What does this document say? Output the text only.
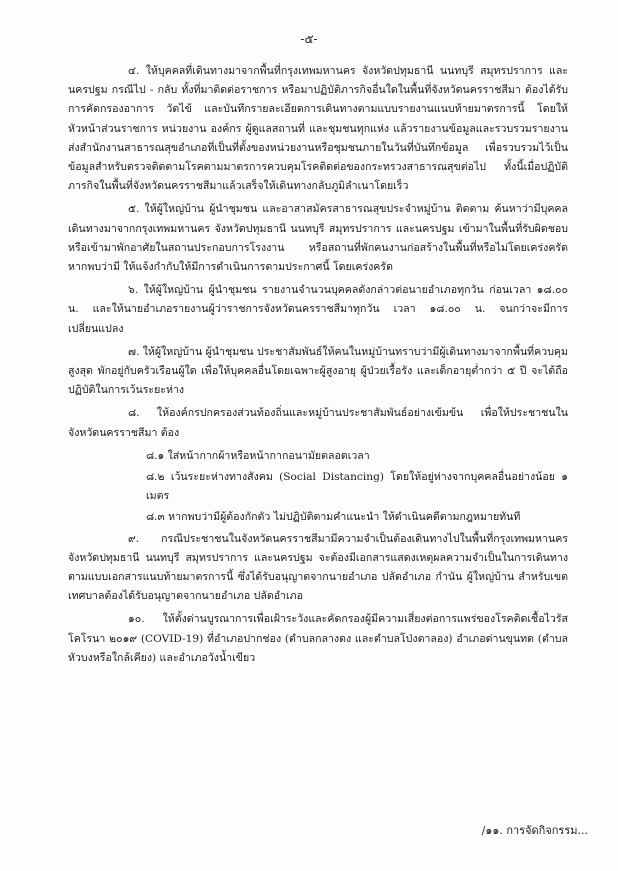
-๕-

๔. ให้บุคคลที่เดินทางมาจากพื้นที่กรุงเทพมหานคร จังหวัดปทุมธานี นนทบุรี สมุทรปราการ และนครปฐม กรณีไป - กลับ ทั้งที่มาติดต่อราชการ หรือมาปฏิบัติภารกิจอื่นใดในพื้นที่จังหวัดนครราชสีมา ต้องได้รับการคัดกรองอาการ วัดไข้ และบันทึกรายละเอียดการเดินทางตามแบบรายงานแนบท้ายมาตรการนี้ โดยให้หัวหน้าส่วนราชการ หน่วยงาน องค์กร ผู้ดูแลสถานที่ และชุมชนทุกแห่ง แล้วรายงานข้อมูลและรวบรวมรายงานส่งสำนักงานสาธารณสุขอำเภอที่เป็นที่ตั้งของหน่วยงานหรือชุมชนภายในวันที่บันทึกข้อมูล เพื่อรวบรวมไว้เป็นข้อมูลสำหรับตรวจติดตามโรคตามมาตรการควบคุมโรคติดต่อของกระทรวงสาธารณสุขต่อไป ทั้งนี้เมื่อปฏิบัติภารกิจในพื้นที่จังหวัดนครราชสีมาแล้วเสร็จให้เดินทางกลับภูมิลำเนาโดยเร็ว

๕. ให้ผู้ใหญ่บ้าน ผู้นำชุมชน และอาสาสมัครสาธารณสุขประจำหมู่บ้าน ติดตาม ค้นหาว่ามีบุคคลเดินทางมาจากกรุงเทพมหานคร จังหวัดปทุมธานี นนทบุรี สมุทรปราการ และนครปฐม เข้ามาในพื้นที่รับผิดชอบหรือเข้ามาพักอาศัยในสถานประกอบการโรงงาน หรือสถานที่พักคนงานก่อสร้างในพื้นที่หรือไม่โดยเคร่งครัด หากพบว่ามี ให้แจ้งกำกับให้มีการดำเนินการตามประกาศนี้ โดยเคร่งครัด

๖. ให้ผู้ใหญ่บ้าน ผู้นำชุมชน รายงานจำนวนบุคคลดังกล่าวต่อนายอำเภอทุกวัน ก่อนเวลา ๑๘.๐๐ น. และให้นายอำเภอรายงานผู้ว่าราชการจังหวัดนครราชสีมาทุกวัน เวลา ๑๘.๐๐ น. จนกว่าจะมีการเปลี่ยนแปลง

๗. ให้ผู้ใหญ่บ้าน ผู้นำชุมชน ประชาสัมพันธ์ให้คนในหมู่บ้านทราบว่ามีผู้เดินทางมาจากพื้นที่ควบคุมสูงสุด พักอยู่กับครัวเรือนผู้ใด เพื่อให้บุคคลอื่นโดยเฉพาะผู้สูงอายุ ผู้ป่วยเรื้อรัง และเด็กอายุต่ำกว่า ๕ ปี จะได้ถือปฏิบัติในการเว้นระยะห่าง

๘. ให้องค์กรปกครองส่วนท้องถิ่นและหมู่บ้านประชาสัมพันธ์อย่างเข้มข้น เพื่อให้ประชาชนในจังหวัดนครราชสีมา ต้อง

๘.๑ ใส่หน้ากากผ้าหรือหน้ากากอนามัยตลอดเวลา

๘.๒ เว้นระยะห่างทางสังคม (Social Distancing) โดยให้อยู่ห่างจากบุคคลอื่นอย่างน้อย ๑ เมตร

๘.๓ หากพบว่ามีผู้ต้องกักตัว ไม่ปฏิบัติตามคำแนะนำ ให้ดำเนินคดีตามกฎหมายทันที

๙. กรณีประชาชนในจังหวัดนครราชสีมามีความจำเป็นต้องเดินทางไปในพื้นที่กรุงเทพมหานคร จังหวัดปทุมธานี นนทบุรี สมุทรปราการ และนครปฐม จะต้องมีเอกสารแสดงเหตุผลความจำเป็นในการเดินทางตามแบบเอกสารแนบท้ายมาตรการนี้ ซึ่งได้รับอนุญาตจากนายอำเภอ ปลัดอำเภอ กำนัน ผู้ใหญ่บ้าน สำหรับเขตเทศบาลต้องได้รับอนุญาตจากนายอำเภอ ปลัดอำเภอ

๑๐. ให้ตั้งด่านบูรณาการเพื่อเฝ้าระวังและคัดกรองผู้มีความเสี่ยงต่อการแพร่ของโรคติดเชื้อไวรัสโคโรนา ๒๐๑๙ (COVID-19) ที่อำเภอปากช่อง (ตำบลกลางดง และตำบลโป่งตาลอง) อำเภอด่านขุนทด (ตำบลหัวบงหรือใกล้เคียง) และอำเภอวังน้ำเขียว

/๑๑. การจัดกิจกรรม...
